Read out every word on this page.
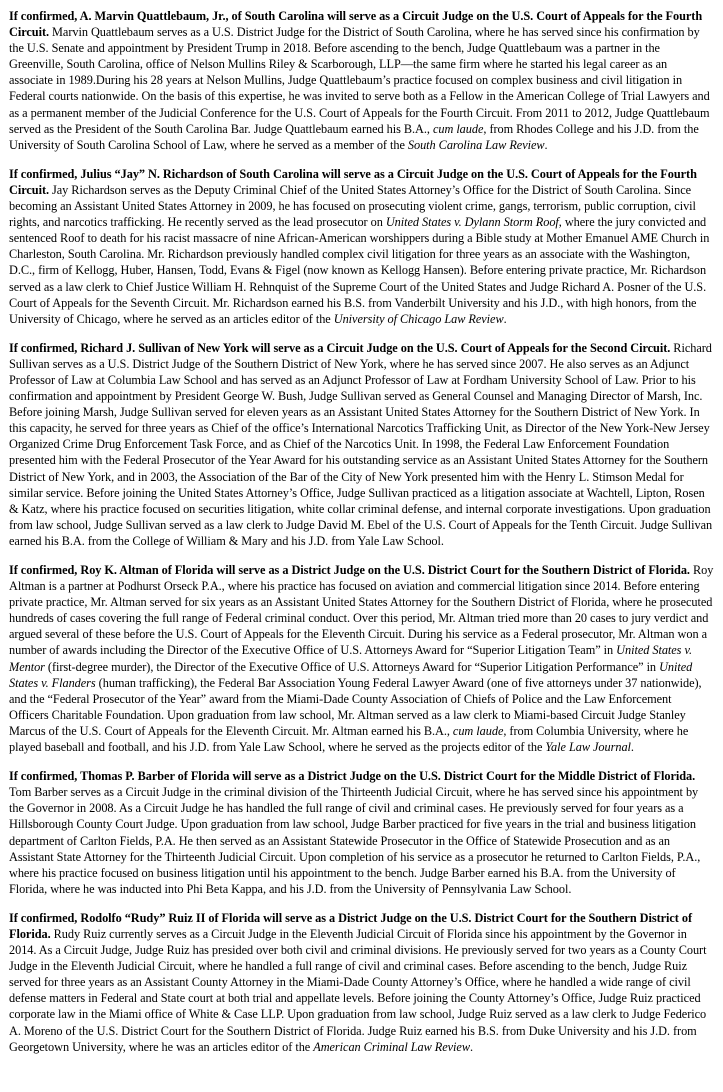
If confirmed, A. Marvin Quattlebaum, Jr., of South Carolina will serve as a Circuit Judge on the U.S. Court of Appeals for the Fourth Circuit. Marvin Quattlebaum serves as a U.S. District Judge for the District of South Carolina, where he has served since his confirmation by the U.S. Senate and appointment by President Trump in 2018. Before ascending to the bench, Judge Quattlebaum was a partner in the Greenville, South Carolina, office of Nelson Mullins Riley & Scarborough, LLP—the same firm where he started his legal career as an associate in 1989.During his 28 years at Nelson Mullins, Judge Quattlebaum’s practice focused on complex business and civil litigation in Federal courts nationwide. On the basis of this expertise, he was invited to serve both as a Fellow in the American College of Trial Lawyers and as a permanent member of the Judicial Conference for the U.S. Court of Appeals for the Fourth Circuit. From 2011 to 2012, Judge Quattlebaum served as the President of the South Carolina Bar. Judge Quattlebaum earned his B.A., cum laude, from Rhodes College and his J.D. from the University of South Carolina School of Law, where he served as a member of the South Carolina Law Review.

If confirmed, Julius “Jay” N. Richardson of South Carolina will serve as a Circuit Judge on the U.S. Court of Appeals for the Fourth Circuit. Jay Richardson serves as the Deputy Criminal Chief of the United States Attorney’s Office for the District of South Carolina. Since becoming an Assistant United States Attorney in 2009, he has focused on prosecuting violent crime, gangs, terrorism, public corruption, civil rights, and narcotics trafficking. He recently served as the lead prosecutor on United States v. Dylann Storm Roof, where the jury convicted and sentenced Roof to death for his racist massacre of nine African-American worshippers during a Bible study at Mother Emanuel AME Church in Charleston, South Carolina. Mr. Richardson previously handled complex civil litigation for three years as an associate with the Washington, D.C., firm of Kellogg, Huber, Hansen, Todd, Evans & Figel (now known as Kellogg Hansen). Before entering private practice, Mr. Richardson served as a law clerk to Chief Justice William H. Rehnquist of the Supreme Court of the United States and Judge Richard A. Posner of the U.S. Court of Appeals for the Seventh Circuit. Mr. Richardson earned his B.S. from Vanderbilt University and his J.D., with high honors, from the University of Chicago, where he served as an articles editor of the University of Chicago Law Review.

If confirmed, Richard J. Sullivan of New York will serve as a Circuit Judge on the U.S. Court of Appeals for the Second Circuit. Richard Sullivan serves as a U.S. District Judge of the Southern District of New York, where he has served since 2007. He also serves as an Adjunct Professor of Law at Columbia Law School and has served as an Adjunct Professor of Law at Fordham University School of Law. Prior to his confirmation and appointment by President George W. Bush, Judge Sullivan served as General Counsel and Managing Director of Marsh, Inc. Before joining Marsh, Judge Sullivan served for eleven years as an Assistant United States Attorney for the Southern District of New York. In this capacity, he served for three years as Chief of the office’s International Narcotics Trafficking Unit, as Director of the New York-New Jersey Organized Crime Drug Enforcement Task Force, and as Chief of the Narcotics Unit. In 1998, the Federal Law Enforcement Foundation presented him with the Federal Prosecutor of the Year Award for his outstanding service as an Assistant United States Attorney for the Southern District of New York, and in 2003, the Association of the Bar of the City of New York presented him with the Henry L. Stimson Medal for similar service. Before joining the United States Attorney’s Office, Judge Sullivan practiced as a litigation associate at Wachtell, Lipton, Rosen & Katz, where his practice focused on securities litigation, white collar criminal defense, and internal corporate investigations. Upon graduation from law school, Judge Sullivan served as a law clerk to Judge David M. Ebel of the U.S. Court of Appeals for the Tenth Circuit. Judge Sullivan earned his B.A. from the College of William & Mary and his J.D. from Yale Law School.

If confirmed, Roy K. Altman of Florida will serve as a District Judge on the U.S. District Court for the Southern District of Florida. Roy Altman is a partner at Podhurst Orseck P.A., where his practice has focused on aviation and commercial litigation since 2014. Before entering private practice, Mr. Altman served for six years as an Assistant United States Attorney for the Southern District of Florida, where he prosecuted hundreds of cases covering the full range of Federal criminal conduct. Over this period, Mr. Altman tried more than 20 cases to jury verdict and argued several of these before the U.S. Court of Appeals for the Eleventh Circuit. During his service as a Federal prosecutor, Mr. Altman won a number of awards including the Director of the Executive Office of U.S. Attorneys Award for “Superior Litigation Team” in United States v. Mentor (first-degree murder), the Director of the Executive Office of U.S. Attorneys Award for “Superior Litigation Performance” in United States v. Flanders (human trafficking), the Federal Bar Association Young Federal Lawyer Award (one of five attorneys under 37 nationwide), and the “Federal Prosecutor of the Year” award from the Miami-Dade County Association of Chiefs of Police and the Law Enforcement Officers Charitable Foundation. Upon graduation from law school, Mr. Altman served as a law clerk to Miami-based Circuit Judge Stanley Marcus of the U.S. Court of Appeals for the Eleventh Circuit. Mr. Altman earned his B.A., cum laude, from Columbia University, where he played baseball and football, and his J.D. from Yale Law School, where he served as the projects editor of the Yale Law Journal.

If confirmed, Thomas P. Barber of Florida will serve as a District Judge on the U.S. District Court for the Middle District of Florida. Tom Barber serves as a Circuit Judge in the criminal division of the Thirteenth Judicial Circuit, where he has served since his appointment by the Governor in 2008. As a Circuit Judge he has handled the full range of civil and criminal cases. He previously served for four years as a Hillsborough County Court Judge. Upon graduation from law school, Judge Barber practiced for five years in the trial and business litigation department of Carlton Fields, P.A. He then served as an Assistant Statewide Prosecutor in the Office of Statewide Prosecution and as an Assistant State Attorney for the Thirteenth Judicial Circuit. Upon completion of his service as a prosecutor he returned to Carlton Fields, P.A., where his practice focused on business litigation until his appointment to the bench. Judge Barber earned his B.A. from the University of Florida, where he was inducted into Phi Beta Kappa, and his J.D. from the University of Pennsylvania Law School.

If confirmed, Rodolfo “Rudy” Ruiz II of Florida will serve as a District Judge on the U.S. District Court for the Southern District of Florida. Rudy Ruiz currently serves as a Circuit Judge in the Eleventh Judicial Circuit of Florida since his appointment by the Governor in 2014. As a Circuit Judge, Judge Ruiz has presided over both civil and criminal divisions. He previously served for two years as a County Court Judge in the Eleventh Judicial Circuit, where he handled a full range of civil and criminal cases. Before ascending to the bench, Judge Ruiz served for three years as an Assistant County Attorney in the Miami-Dade County Attorney’s Office, where he handled a wide range of civil defense matters in Federal and State court at both trial and appellate levels. Before joining the County Attorney’s Office, Judge Ruiz practiced corporate law in the Miami office of White & Case LLP. Upon graduation from law school, Judge Ruiz served as a law clerk to Judge Federico A. Moreno of the U.S. District Court for the Southern District of Florida. Judge Ruiz earned his B.S. from Duke University and his J.D. from Georgetown University, where he was an articles editor of the American Criminal Law Review.
